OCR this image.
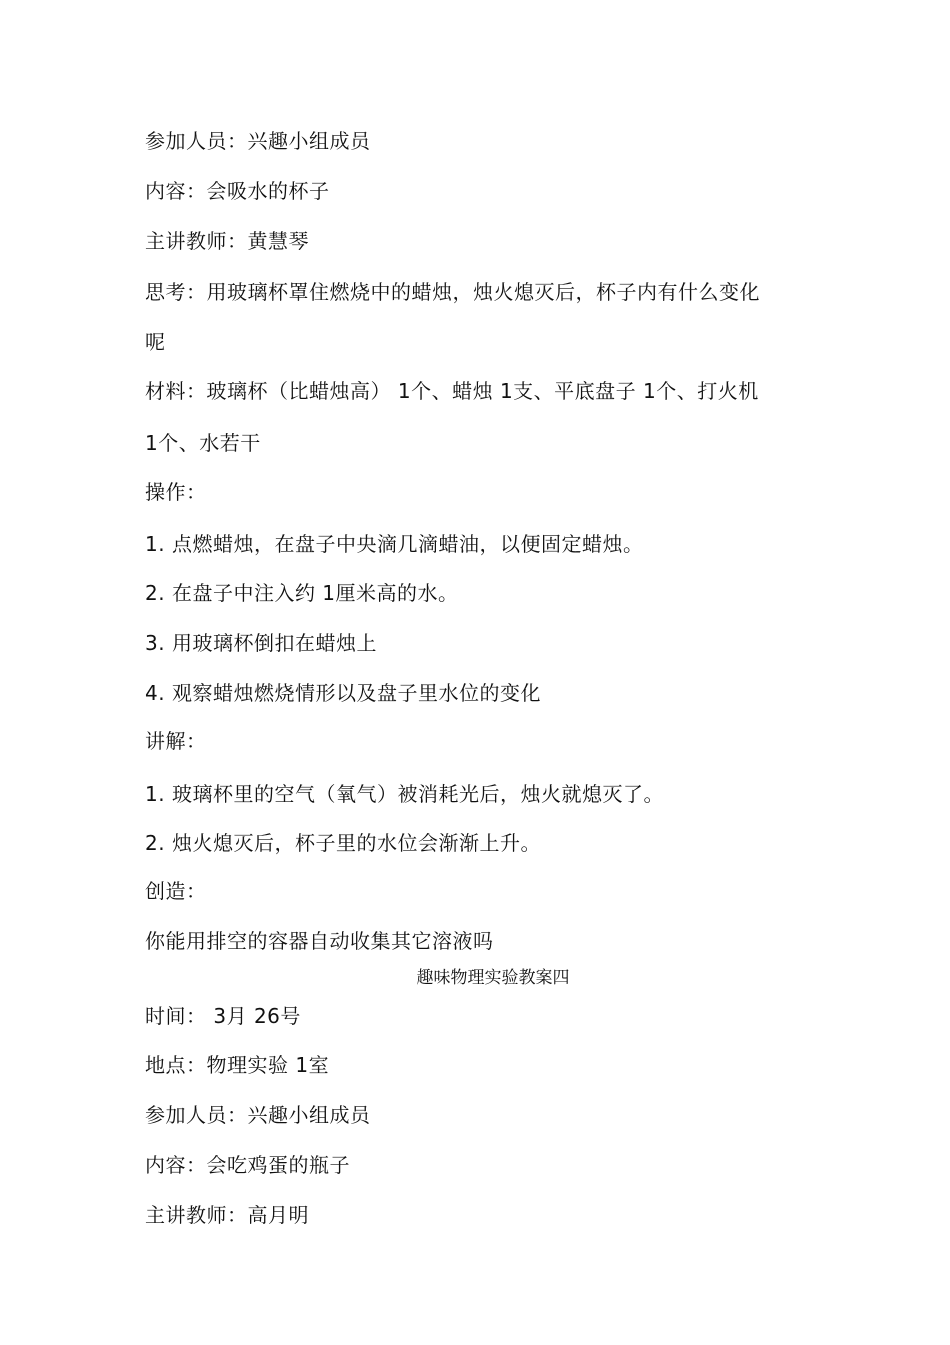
参加人员：兴趣小组成员
内容：会吸水的杯子
主讲教师：黄慧琴
思考：用玻璃杯罩住燃烧中的蜡烛，烛火熄灭后，杯子内有什么变化
呢
材料：玻璃杯（比蜡烛高） 1个、蜡烛 1支、平底盘子 1个、打火机
1个、水若干
操作：
1. 点燃蜡烛，在盘子中央滴几滴蜡油，以便固定蜡烛。
2. 在盘子中注入约 1厘米高的水。
3. 用玻璃杯倒扣在蜡烛上
4. 观察蜡烛燃烧情形以及盘子里水位的变化
讲解：
1. 玻璃杯里的空气（氧气）被消耗光后，烛火就熄灭了。
2. 烛火熄灭后，杯子里的水位会渐渐上升。
创造：
你能用排空的容器自动收集其它溶液吗
趣味物理实验教案四
时间： 3月 26号
地点：物理实验 1室
参加人员：兴趣小组成员
内容：会吃鸡蛋的瓶子
主讲教师：高月明
